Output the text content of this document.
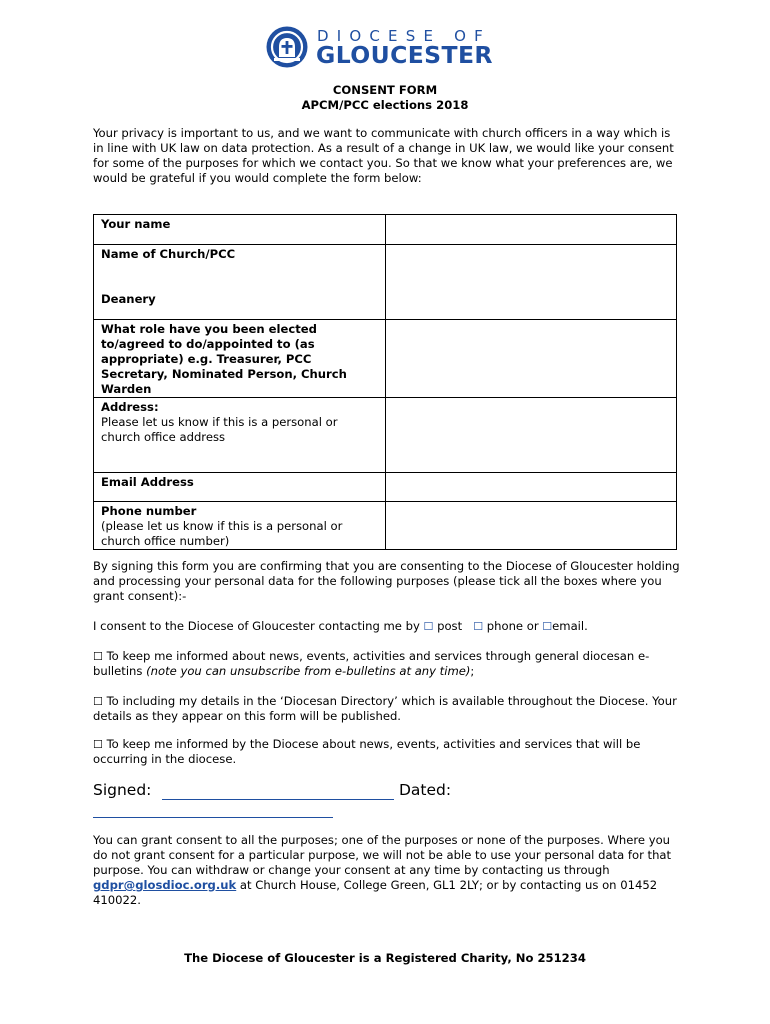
DIOCESE OF
GLOUCESTER
CONSENT FORM
APCM/PCC elections 2018
Your privacy is important to us, and we want to communicate with church officers in a way which is in line with UK law on data protection. As a result of a change in UK law, we would like your consent for some of the purposes for which we contact you. So that we know what your preferences are, we would be grateful if you would complete the form below:
Your name	

Name of Church/PCC
Deanery	

What role have you been elected to/agreed to do/appointed to (as appropriate) e.g. Treasurer, PCC Secretary, Nominated Person, Church Warden	

Address:
Please let us know if this is a personal or church office address	

Email Address	

Phone number
(please let us know if this is a personal or church office number)	

By signing this form you are confirming that you are consenting to the Diocese of Gloucester holding and processing your personal data for the following purposes (please tick all the boxes where you grant consent):-
I consent to the Diocese of Gloucester contacting me by ☐ post ☐ phone or ☐email.
☐ To keep me informed about news, events, activities and services through general diocesan e-bulletins (note you can unsubscribe from e-bulletins at any time);
☐ To including my details in the ‘Diocesan Directory’ which is available throughout the Diocese. Your details as they appear on this form will be published.
☐ To keep me informed by the Diocese about news, events, activities and services that will be occurring in the diocese.
Signed:	Dated:
You can grant consent to all the purposes; one of the purposes or none of the purposes. Where you do not grant consent for a particular purpose, we will not be able to use your personal data for that purpose. You can withdraw or change your consent at any time by contacting us through gdpr@glosdioc.org.uk at Church House, College Green, GL1 2LY; or by contacting us on 01452 410022.
The Diocese of Gloucester is a Registered Charity, No 251234
